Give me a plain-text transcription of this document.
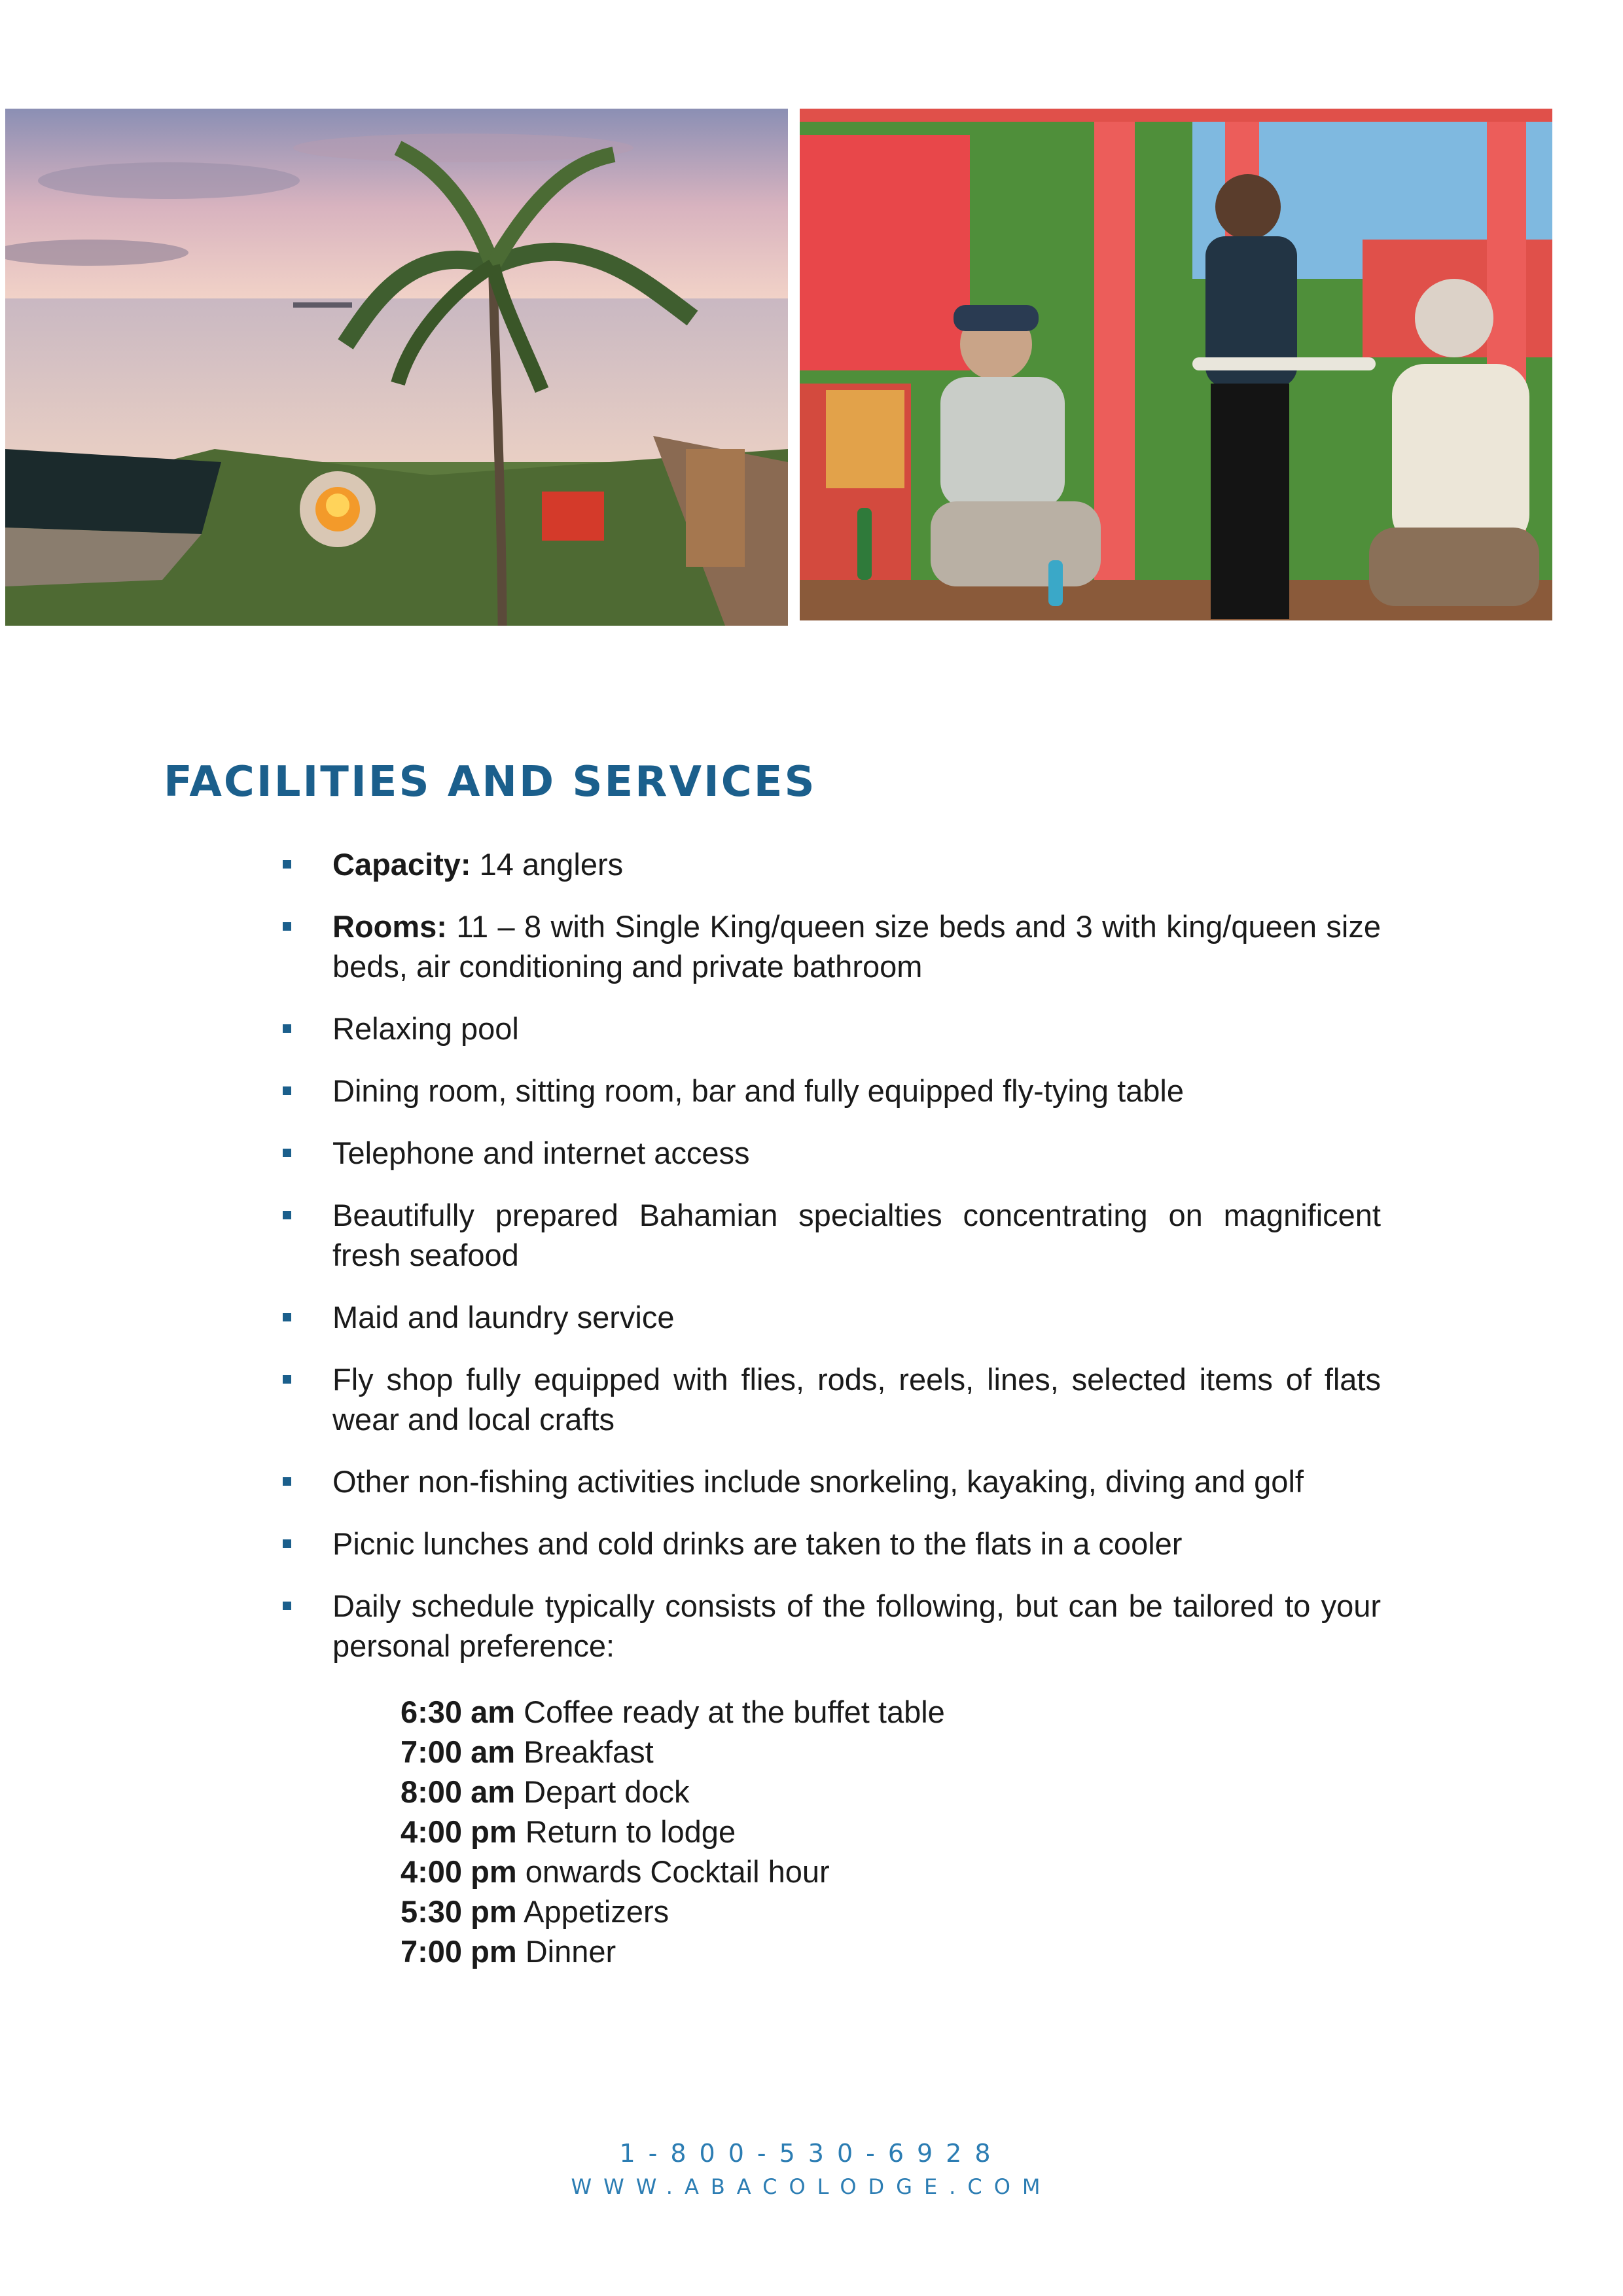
FACILITIES AND SERVICES
Capacity: 14 anglers
Rooms: 11 – 8 with Single King/queen size beds and 3 with king/queen size beds, air conditioning and private bathroom
Relaxing pool
Dining room, sitting room, bar and fully equipped fly-tying table
Telephone and internet access
Beautifully prepared Bahamian specialties concentrating on magnificent fresh seafood
Maid and laundry service
Fly shop fully equipped with flies, rods, reels, lines, selected items of flats wear and local crafts
Other non-fishing activities include snorkeling, kayaking, diving and golf
Picnic lunches and cold drinks are taken to the flats in a cooler
Daily schedule typically consists of the following, but can be tailored to your personal preference:
6:30 am Coffee ready at the buffet table
7:00 am Breakfast
8:00 am Depart dock
4:00 pm Return to lodge
4:00 pm onwards Cocktail hour
5:30 pm Appetizers
7:00 pm Dinner
1-800-530-6928
WWW.ABACOLODGE.COM
